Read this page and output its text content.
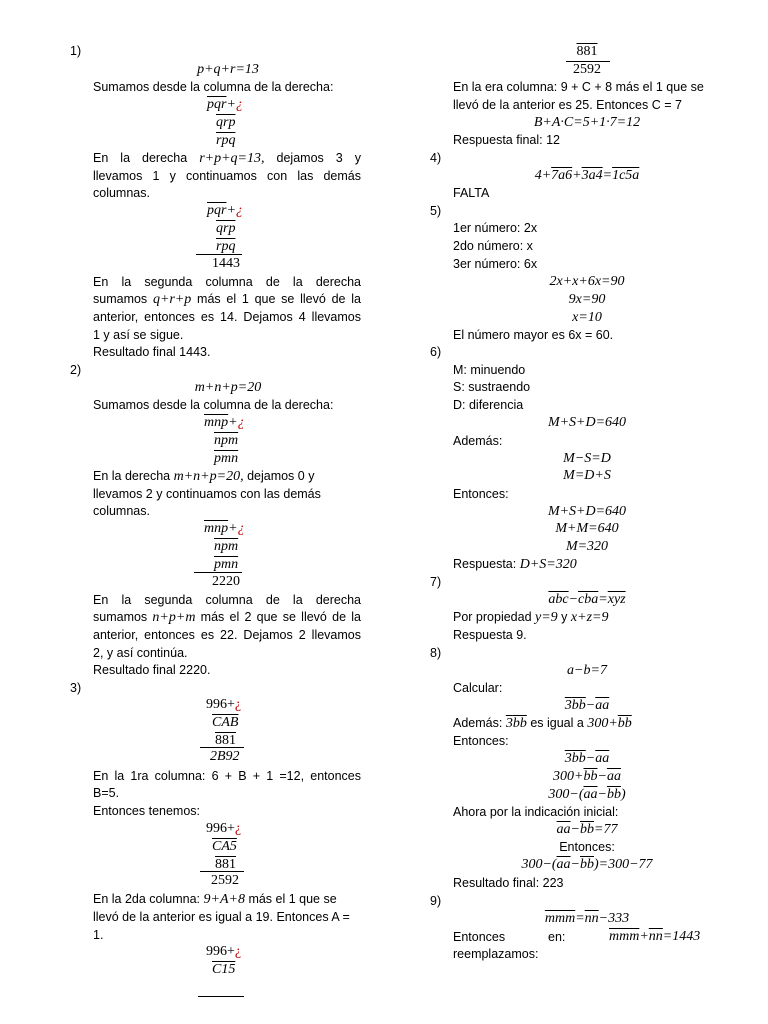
1)
p+q+r=13
Sumamos desde la columna de la derecha:
$\overline{pqr}+¿$
$\overline{qrp}$
$\overline{rpq}$
En la derecha r+p+q=13, dejamos 3 y
llevamos 1 y continuamos con las demás
columnas.
$\overline{pqr}+¿$
$\overline{qrp}$
$\overline{rpq}$
1443
En la segunda columna de la derecha
sumamos q+r+p más el 1 que se llevó de la
anterior, entonces es 14. Dejamos 4 llevamos
1 y así se sigue.
Resultado final 1443.
2)
m+n+p=20
Sumamos desde la columna de la derecha:
$\overline{mnp}+¿$
$\overline{npm}$
$\overline{pmn}$
En la derecha m+n+p=20, dejamos 0 y
llevamos 2 y continuamos con las demás
columnas.
$\overline{mnp}+¿$
$\overline{npm}$
$\overline{pmn}$
2220
En la segunda columna de la derecha
sumamos n+p+m más el 2 que se llevó de la
anterior, entonces es 22. Dejamos 2 llevamos
2, y así continúa.
Resultado final 2220.
3)
996+¿
$\overline{CAB}$
881
2B92
En la 1ra columna: 6 + B + 1 =12, entonces
B=5.
Entonces tenemos:
996+¿
CA5
881
2592
En la 2da columna: 9+A+8 más el 1 que se
llevó de la anterior es igual a 19. Entonces A =
1.
996+¿
C15
881
2592
En la era columna: 9 + C + 8 más el 1 que se
llevó de la anterior es 25. Entonces C = 7
B+A·C=5+1·7=12
Respuesta final: 12
4)
4+7a6+3a4=1c5a
FALTA
5)
1er número: 2x
2do número: x
3er número: 6x
2x+x+6x=90
9x=90
x=10
El número mayor es 6x = 60.
6)
M: minuendo
S: sustraendo
D: diferencia
M+S+D=640
Además:
M−S=D
M=D+S
Entonces:
M+S+D=640
M+M=640
M=320
Respuesta: D+S=320
7)
$\overline{abc}-\overline{cba}=\overline{xyz}$
Por propiedad y=9 y x+z=9
Respuesta 9.
8)
a−b=7
Calcular:
$3bb-\overline{aa}$
Además: 3bb es igual a $300+\overline{bb}$
Entonces:
$3bb-\overline{aa}$
$300+\overline{bb}-\overline{aa}$
$300-(\overline{aa}-\overline{bb})$
Ahora por la indicación inicial:
$\overline{aa}-\overline{bb}=77$
Entonces:
$300-(\overline{aa}-\overline{bb})=300-77$
Resultado final: 223
9)
$\overline{mmm}=\overline{nn}-333$
Entonces	en:	$\overline{mmm}+\overline{nn}=1443$
reemplazamos:
